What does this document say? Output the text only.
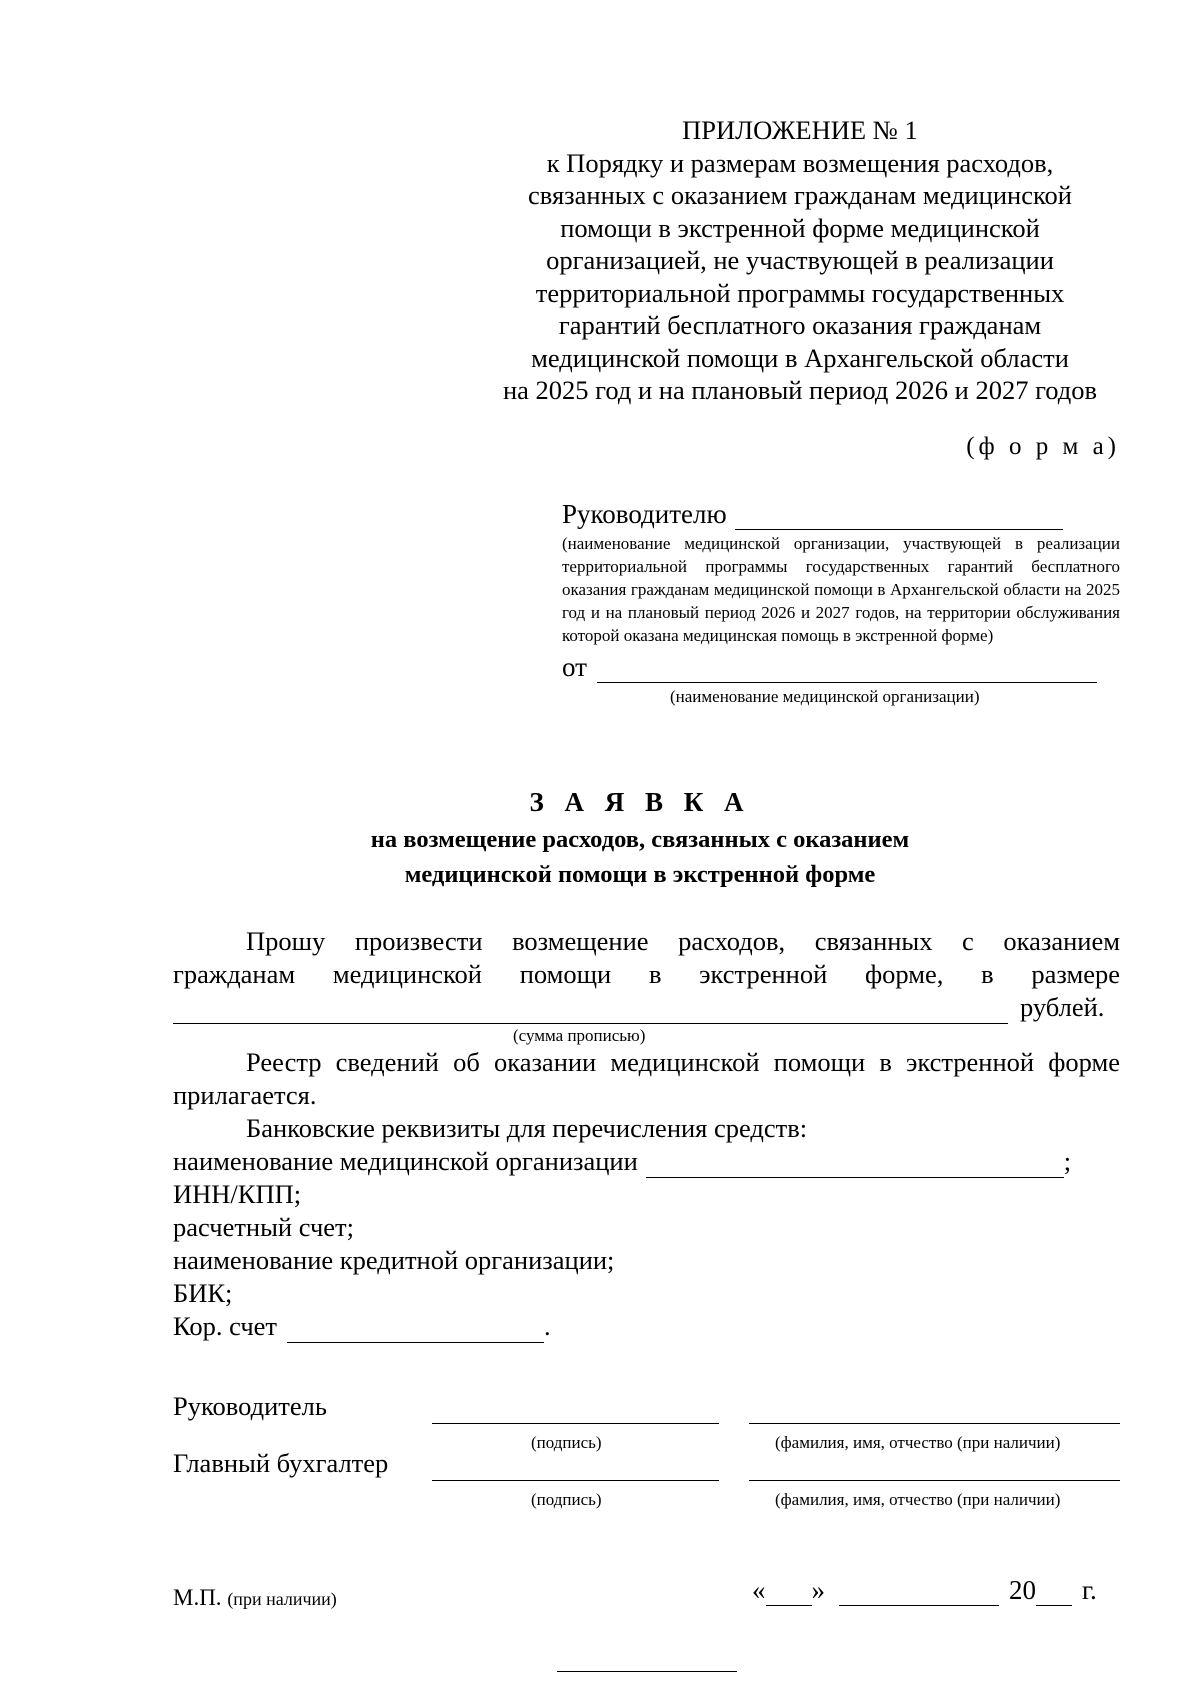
ПРИЛОЖЕНИЕ № 1
к Порядку и размерам возмещения расходов,
связанных с оказанием гражданам медицинской
помощи в экстренной форме медицинской
организацией, не участвующей в реализации
территориальной программы государственных
гарантий бесплатного оказания гражданам
медицинской помощи в Архангельской области
на 2025 год и на плановый период 2026 и 2027 годов
(ф о р м а)
Руководителю
(наименование медицинской организации, участвующей в реализации территориальной программы государственных гарантий бесплатного оказания гражданам медицинской помощи в Архангельской области на 2025 год и на плановый период 2026 и 2027 годов, на территории обслуживания которой оказана медицинская помощь в экстренной форме)
от
(наименование медицинской организации)
З А Я В К А
на возмещение расходов, связанных с оказанием
медицинской помощи в экстренной форме
Прошу произвести возмещение расходов, связанных с оказанием
гражданам медицинской помощи в экстренной форме, в размере
рублей.
(сумма прописью)
Реестр сведений об оказании медицинской помощи в экстренной форме прилагается.
Банковские реквизиты для перечисления средств:
наименование медицинской организации	;
ИНН/КПП;
расчетный счет;
наименование кредитной организации;
БИК;
Кор. счет	.
Руководитель
(подпись)	(фамилия, имя, отчество (при наличии)
Главный бухгалтер
(подпись)	(фамилия, имя, отчество (при наличии)
М.П. (при наличии)	« »	20 г.
